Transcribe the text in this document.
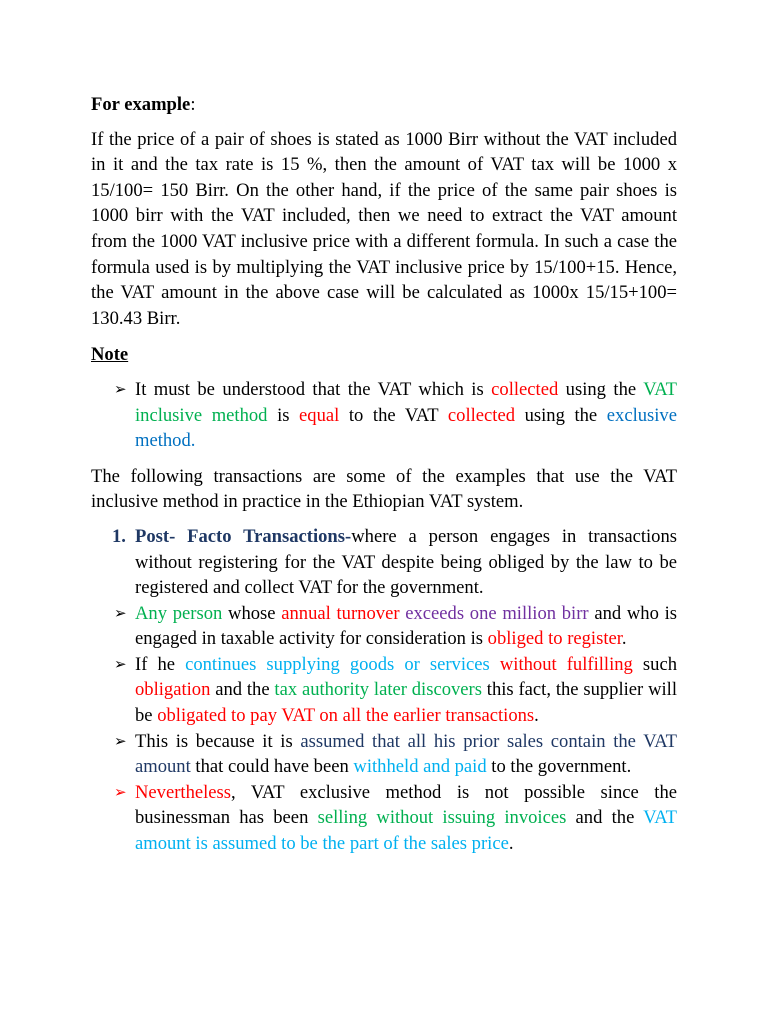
For example:

If the price of a pair of shoes is stated as 1000 Birr without the VAT included in it and the tax rate is 15 %, then the amount of VAT tax will be 1000 x 15/100= 150 Birr. On the other hand, if the price of the same pair shoes is 1000 birr with the VAT included, then we need to extract the VAT amount from the 1000 VAT inclusive price with a different formula. In such a case the formula used is by multiplying the VAT inclusive price by 15/100+15. Hence, the VAT amount in the above case will be calculated as 1000x 15/15+100= 130.43 Birr.

Note

➢ It must be understood that the VAT which is collected using the VAT inclusive method is equal to the VAT collected using the exclusive method.

The following transactions are some of the examples that use the VAT inclusive method in practice in the Ethiopian VAT system.

1. Post- Facto Transactions-where a person engages in transactions without registering for the VAT despite being obliged by the law to be registered and collect VAT for the government.
➢ Any person whose annual turnover exceeds one million birr and who is engaged in taxable activity for consideration is obliged to register.
➢ If he continues supplying goods or services without fulfilling such obligation and the tax authority later discovers this fact, the supplier will be obligated to pay VAT on all the earlier transactions.
➢ This is because it is assumed that all his prior sales contain the VAT amount that could have been withheld and paid to the government.
➢ Nevertheless, VAT exclusive method is not possible since the businessman has been selling without issuing invoices and the VAT amount is assumed to be the part of the sales price.
